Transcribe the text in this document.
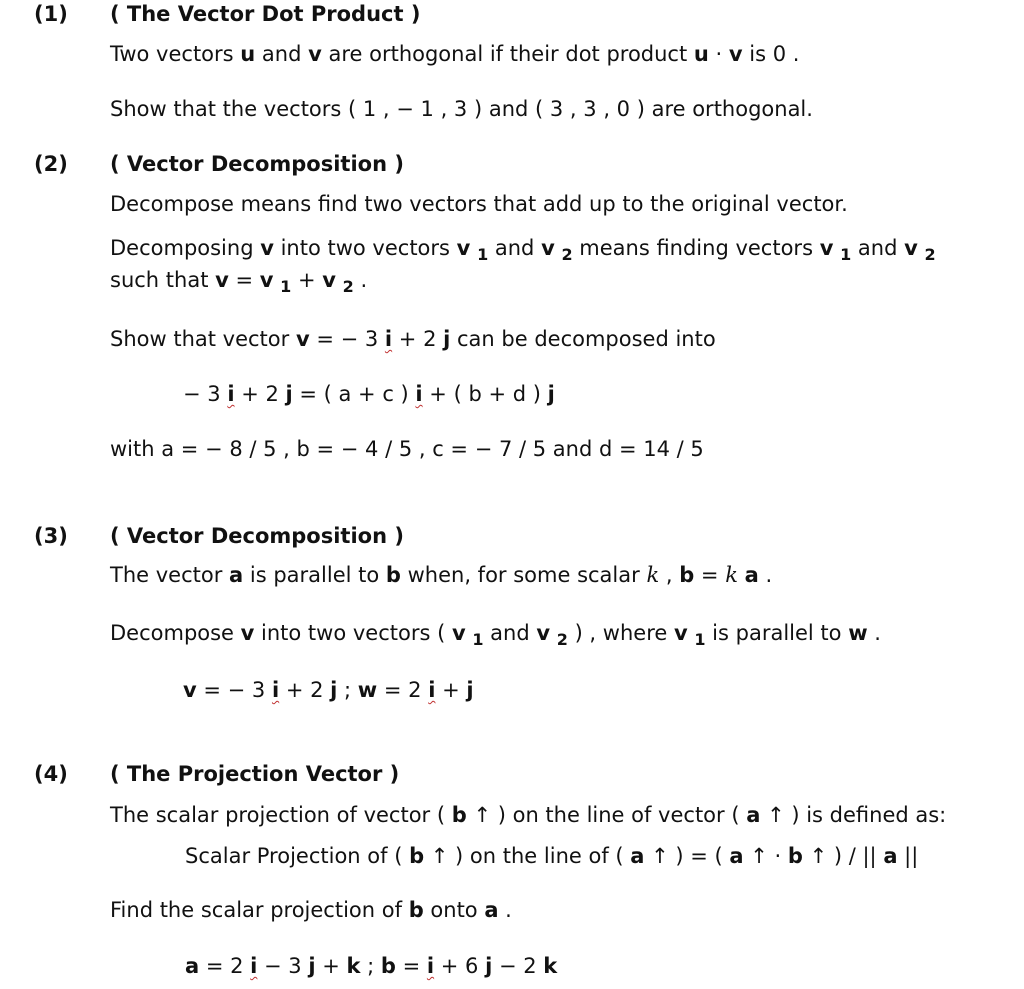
(1) ( The Vector Dot Product )
Two vectors u and v are orthogonal if their dot product u · v is 0 .
Show that the vectors ( 1 , − 1 , 3 ) and ( 3 , 3 , 0 ) are orthogonal.
(2) ( Vector Decomposition )
Decompose means find two vectors that add up to the original vector.
Decomposing v into two vectors v $_1$ and v $_2$ means finding vectors v $_1$ and v $_2$
such that v = v $_1$ + v $_2$ .
Show that vector v = − 3 i + 2 j can be decomposed into
− 3 i + 2 j = ( a + c ) i + ( b + d ) j
with a = − 8 / 5 , b = − 4 / 5 , c = − 7 / 5 and d = 14 / 5
(3) ( Vector Decomposition )
The vector a is parallel to b when, for some scalar k , b = k a .
Decompose v into two vectors ( v $_1$ and v $_2$ ) , where v $_1$ is parallel to w .
v = − 3 i + 2 j ; w = 2 i + j
(4) ( The Projection Vector )
The scalar projection of vector ( b ↑ ) on the line of vector ( a ↑ ) is defined as:
Scalar Projection of ( b ↑ ) on the line of ( a ↑ ) = ( a ↑ · b ↑ ) / || a ||
Find the scalar projection of b onto a .
a = 2 i − 3 j + k ; b = i + 6 j − 2 k
